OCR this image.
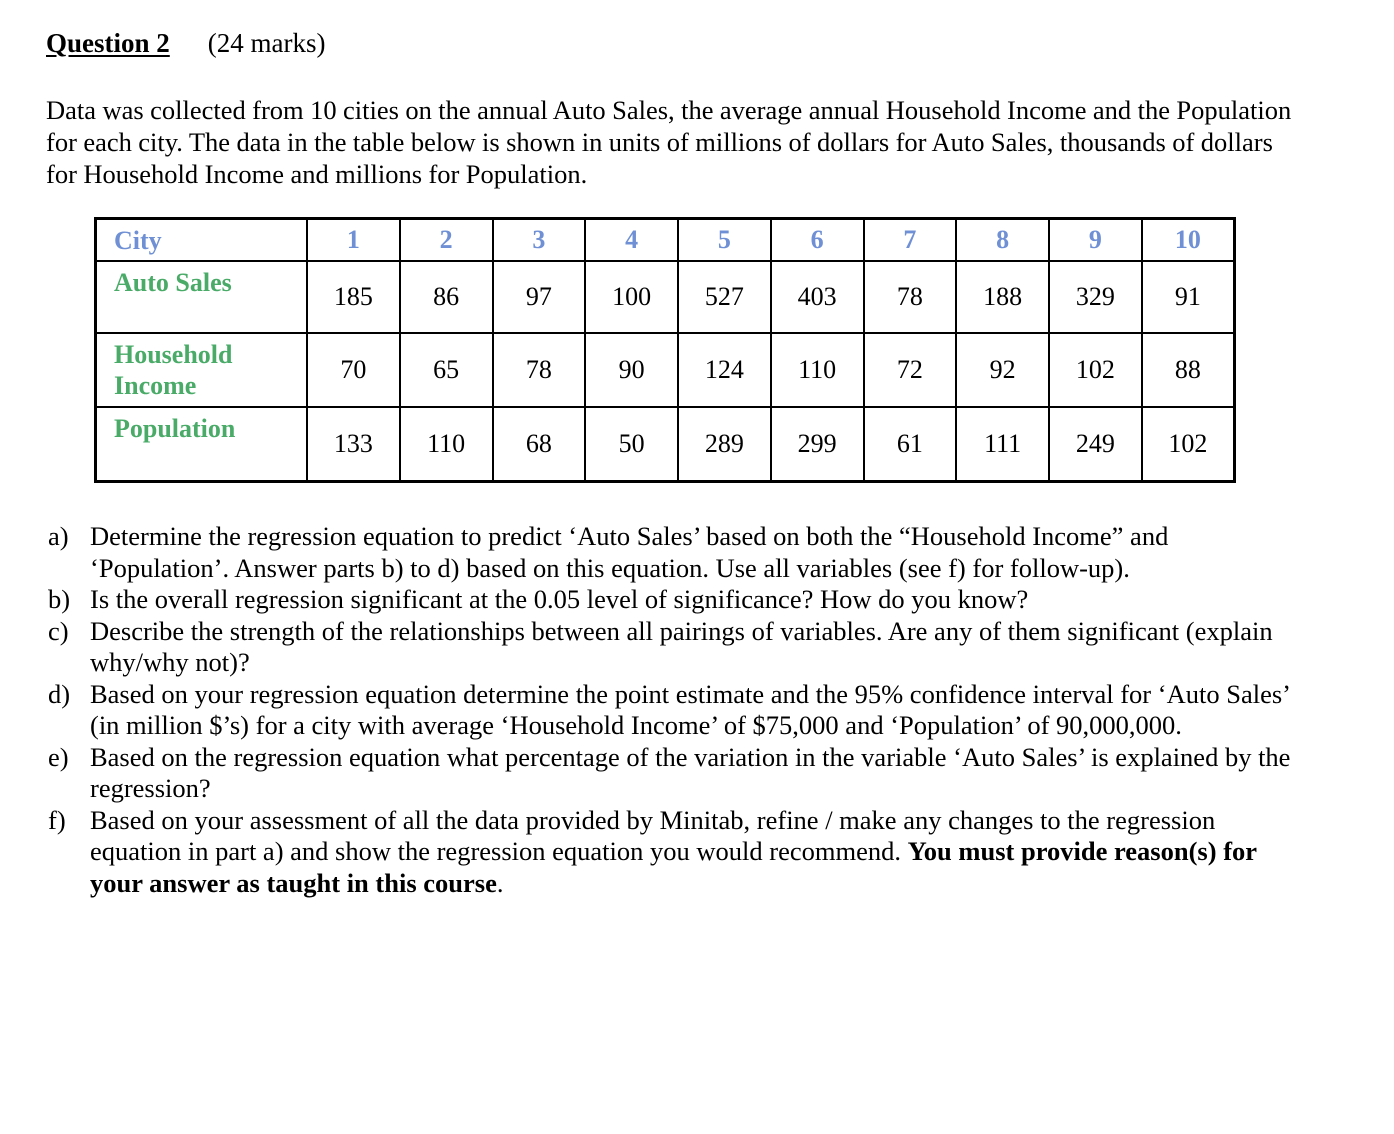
Question 2 (24 marks)

Data was collected from 10 cities on the annual Auto Sales, the average annual Household Income and the Population for each city. The data in the table below is shown in units of millions of dollars for Auto Sales, thousands of dollars for Household Income and millions for Population.

City	1	2	3	4	5	6	7	8	9	10
Auto Sales	185	86	97	100	527	403	78	188	329	91
Household Income	70	65	78	90	124	110	72	92	102	88
Population	133	110	68	50	289	299	61	111	249	102
a) Determine the regression equation to predict ‘Auto Sales’ based on both the “Household Income” and ‘Population’. Answer parts b) to d) based on this equation. Use all variables (see f) for follow-up).
b) Is the overall regression significant at the 0.05 level of significance? How do you know?
c) Describe the strength of the relationships between all pairings of variables. Are any of them significant (explain why/why not)?
d) Based on your regression equation determine the point estimate and the 95% confidence interval for ‘Auto Sales’ (in million $’s) for a city with average ‘Household Income’ of $75,000 and ‘Population’ of 90,000,000.
e) Based on the regression equation what percentage of the variation in the variable ‘Auto Sales’ is explained by the regression?
f) Based on your assessment of all the data provided by Minitab, refine / make any changes to the regression equation in part a) and show the regression equation you would recommend. You must provide reason(s) for your answer as taught in this course.
